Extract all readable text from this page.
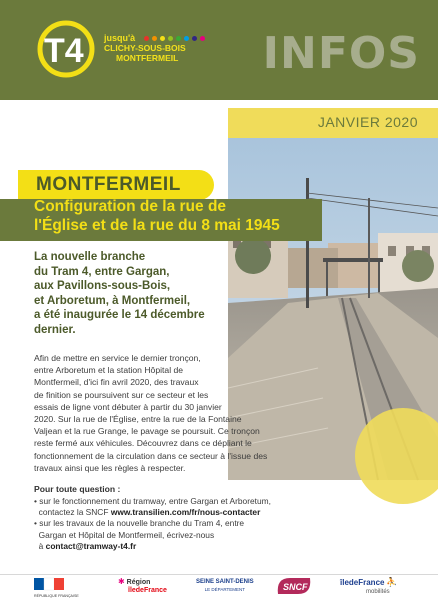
T4 jusqu'à
CLICHY-SOUS-BOIS
MONTFERMEIL	INFOS
JANVIER 2020
MONTFERMEIL
Configuration de la rue de
l'Église et de la rue du 8 mai 1945
La nouvelle branche
du Tram 4, entre Gargan,
aux Pavillons-sous-Bois,
et Arboretum, à Montfermeil,
a été inaugurée le 14 décembre
dernier.
Afin de mettre en service le dernier tronçon,
entre Arboretum et la station Hôpital de
Montfermeil, d'ici fin avril 2020, des travaux
de finition se poursuivent sur ce secteur et les
essais de ligne vont débuter à partir du 30 janvier
2020. Sur la rue de l'Église, entre la rue de la Fontaine
Valjean et la rue Grange, le pavage se poursuit. Ce tronçon
reste fermé aux véhicules. Découvrez dans ce dépliant le
fonctionnement de la circulation dans ce secteur à l'issue des
travaux ainsi que les règles à respecter.
Pour toute question :
• sur le fonctionnement du tramway, entre Gargan et Arboretum,
contactez la SNCF www.transilien.com/fr/nous-contacter
• sur les travaux de la nouvelle branche du Tram 4, entre
Gargan et Hôpital de Montfermeil, écrivez-nous
à contact@tramway-t4.fr
RÉPUBLIQUE FRANÇAISE
✱ Région
îledeFrance
SEINE SAINT-DENIS
LE DÉPARTEMENT	SNCF	îledeFrance ⛹
mobilités
